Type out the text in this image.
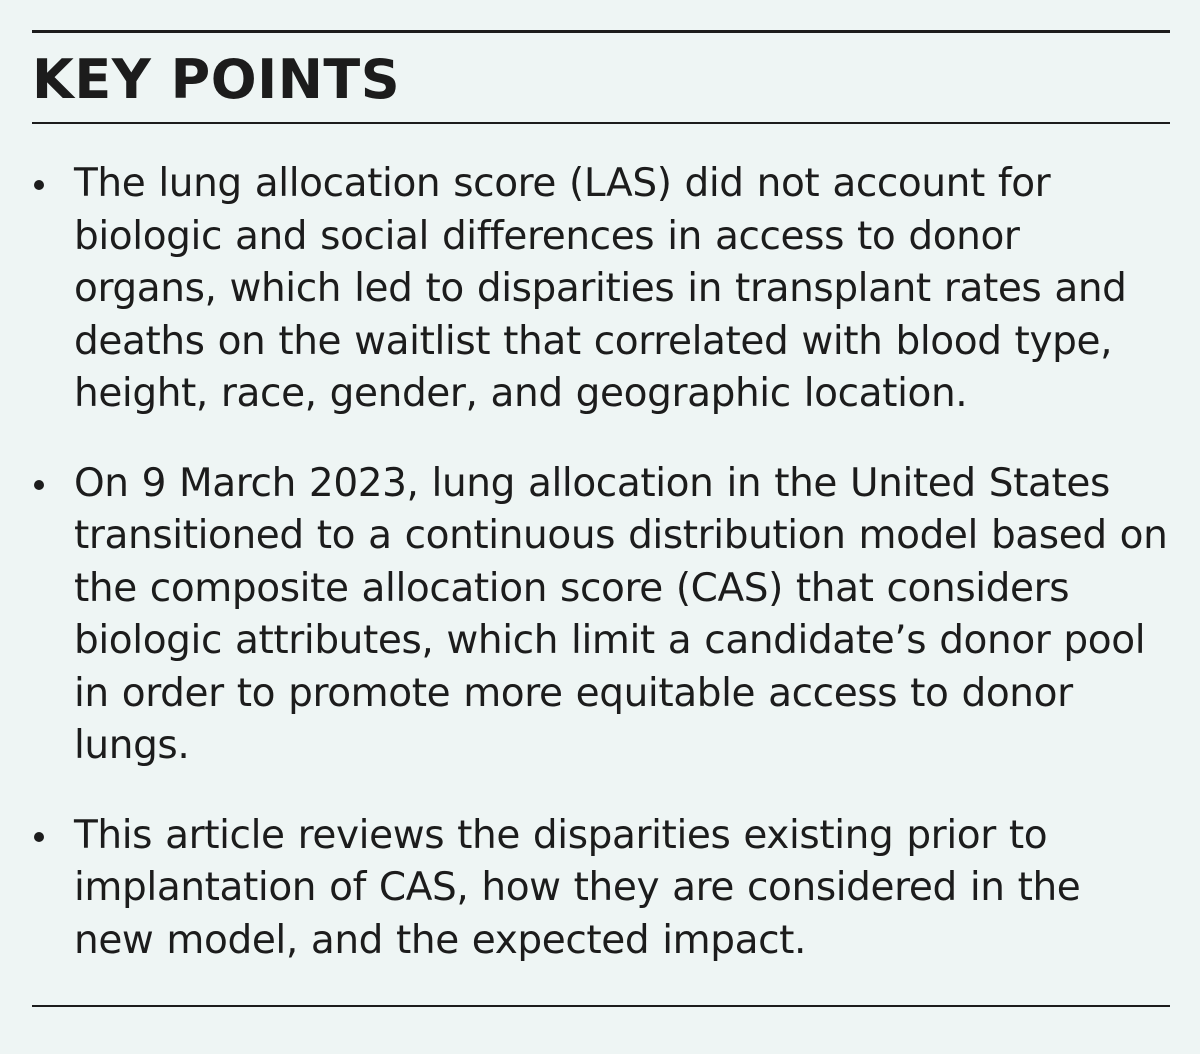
KEY POINTS
The lung allocation score (LAS) did not account for biologic and social differences in access to donor organs, which led to disparities in transplant rates and deaths on the waitlist that correlated with blood type, height, race, gender, and geographic location.
On 9 March 2023, lung allocation in the United States transitioned to a continuous distribution model based on the composite allocation score (CAS) that considers biologic attributes, which limit a candidate’s donor pool in order to promote more equitable access to donor lungs.
This article reviews the disparities existing prior to implantation of CAS, how they are considered in the new model, and the expected impact.
